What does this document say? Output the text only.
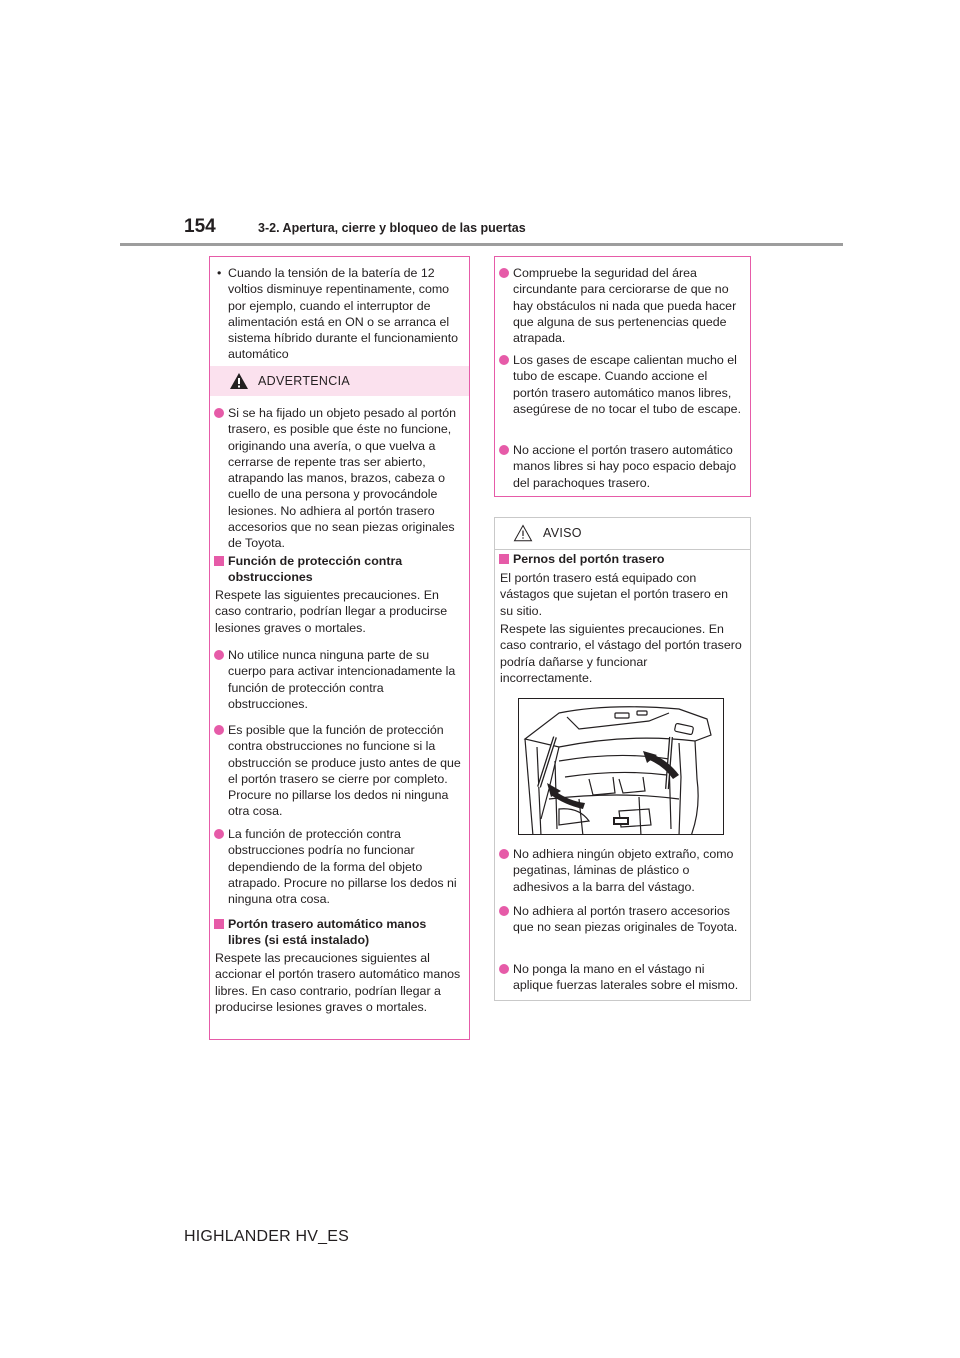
154	3-2. Apertura, cierre y bloqueo de las puertas
• Cuando la tensión de la batería de 12 voltios disminuye repentinamente, como por ejemplo, cuando el interruptor de alimentación está en ON o se arranca el sistema híbrido durante el funcionamiento automático
ADVERTENCIA
Si se ha fijado un objeto pesado al portón trasero, es posible que éste no funcione, originando una avería, o que vuelva a cerrarse de repente tras ser abierto, atrapando las manos, brazos, cabeza o cuello de una persona y provocándole lesiones. No adhiera al portón trasero accesorios que no sean piezas originales de Toyota.
Función de protección contra obstrucciones
Respete las siguientes precauciones. En caso contrario, podrían llegar a producirse lesiones graves o mortales.
No utilice nunca ninguna parte de su cuerpo para activar intencionadamente la función de protección contra obstrucciones.
Es posible que la función de protección contra obstrucciones no funcione si la obstrucción se produce justo antes de que el portón trasero se cierre por completo. Procure no pillarse los dedos ni ninguna otra cosa.
La función de protección contra obstrucciones podría no funcionar dependiendo de la forma del objeto atrapado. Procure no pillarse los dedos ni ninguna otra cosa.
Portón trasero automático manos libres (si está instalado)
Respete las precauciones siguientes al accionar el portón trasero automático manos libres. En caso contrario, podrían llegar a producirse lesiones graves o mortales.
Compruebe la seguridad del área circundante para cerciorarse de que no hay obstáculos ni nada que pueda hacer que alguna de sus pertenencias quede atrapada.
Los gases de escape calientan mucho el tubo de escape. Cuando accione el portón trasero automático manos libres, asegúrese de no tocar el tubo de escape.
No accione el portón trasero automático manos libres si hay poco espacio debajo del parachoques trasero.
AVISO
Pernos del portón trasero
El portón trasero está equipado con vástagos que sujetan el portón trasero en su sitio.
Respete las siguientes precauciones. En caso contrario, el vástago del portón trasero podría dañarse y funcionar incorrectamente.
No adhiera ningún objeto extraño, como pegatinas, láminas de plástico o adhesivos a la barra del vástago.
No adhiera al portón trasero accesorios que no sean piezas originales de Toyota.
No ponga la mano en el vástago ni aplique fuerzas laterales sobre el mismo.
HIGHLANDER HV_ES
